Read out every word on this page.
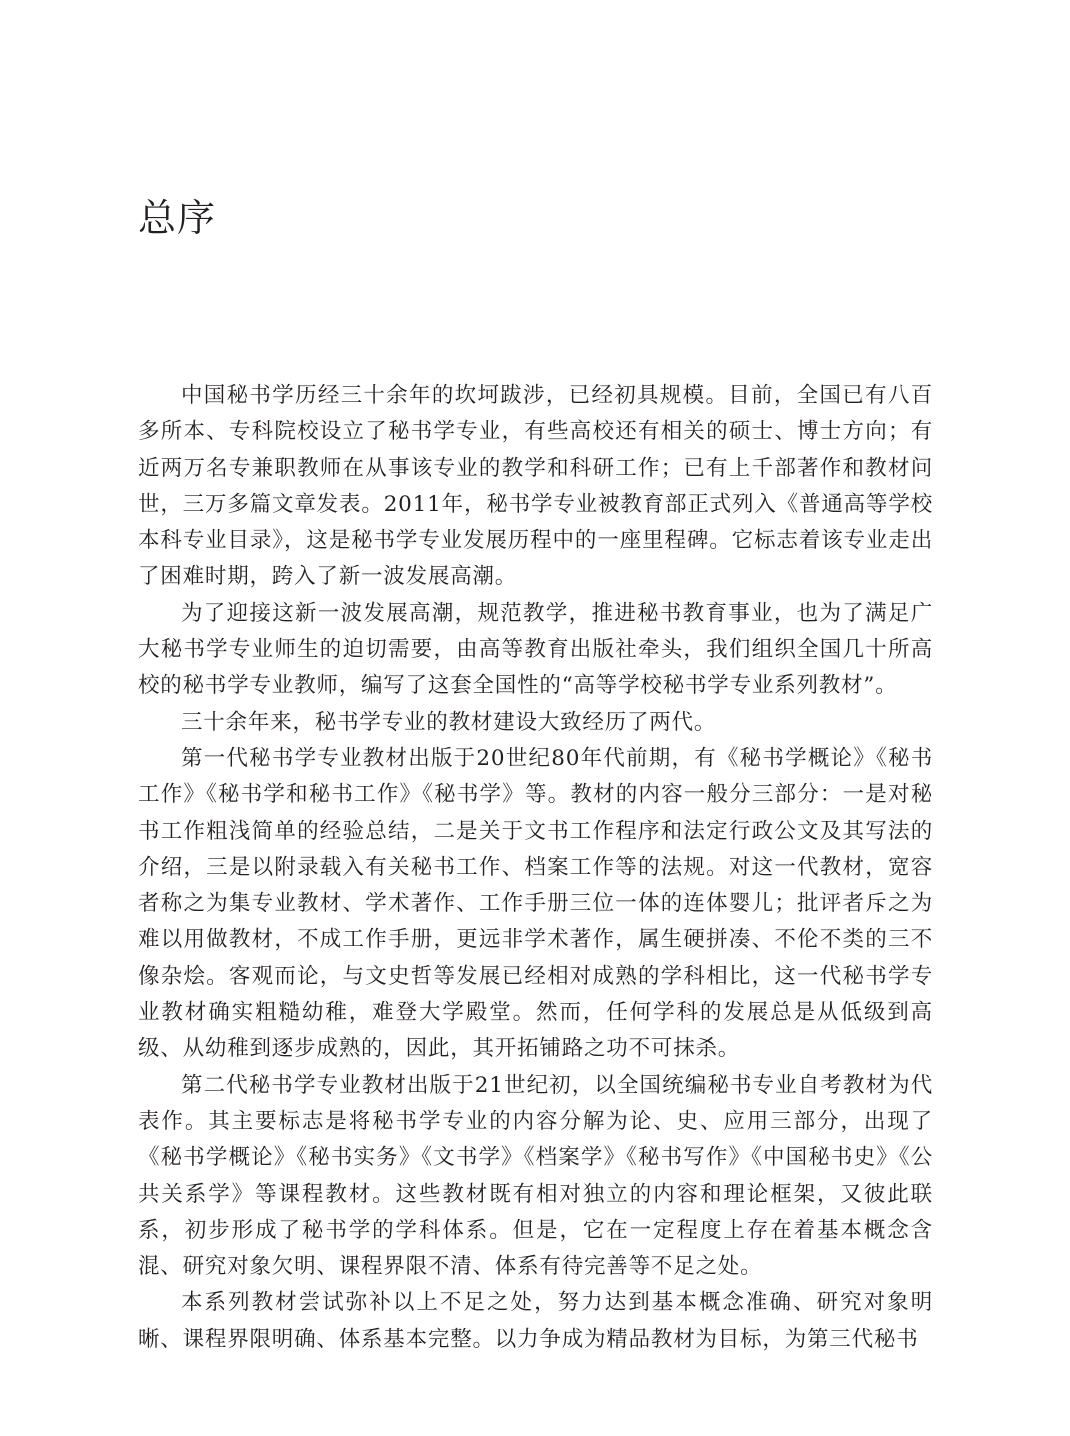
总序

中国秘书学历经三十余年的坎坷跋涉，已经初具规模。目前，全国已有八百多所本、专科院校设立了秘书学专业，有些高校还有相关的硕士、博士方向；有近两万名专兼职教师在从事该专业的教学和科研工作；已有上千部著作和教材问世，三万多篇文章发表。2011年，秘书学专业被教育部正式列入《普通高等学校本科专业目录》，这是秘书学专业发展历程中的一座里程碑。它标志着该专业走出了困难时期，跨入了新一波发展高潮。

为了迎接这新一波发展高潮，规范教学，推进秘书教育事业，也为了满足广大秘书学专业师生的迫切需要，由高等教育出版社牵头，我们组织全国几十所高校的秘书学专业教师，编写了这套全国性的“高等学校秘书学专业系列教材”。

三十余年来，秘书学专业的教材建设大致经历了两代。

第一代秘书学专业教材出版于20世纪80年代前期，有《秘书学概论》《秘书工作》《秘书学和秘书工作》《秘书学》等。教材的内容一般分三部分：一是对秘书工作粗浅简单的经验总结，二是关于文书工作程序和法定行政公文及其写法的介绍，三是以附录载入有关秘书工作、档案工作等的法规。对这一代教材，宽容者称之为集专业教材、学术著作、工作手册三位一体的连体婴儿；批评者斥之为难以用做教材，不成工作手册，更远非学术著作，属生硬拼凑、不伦不类的三不像杂烩。客观而论，与文史哲等发展已经相对成熟的学科相比，这一代秘书学专业教材确实粗糙幼稚，难登大学殿堂。然而，任何学科的发展总是从低级到高级、从幼稚到逐步成熟的，因此，其开拓铺路之功不可抹杀。

第二代秘书学专业教材出版于21世纪初，以全国统编秘书专业自考教材为代表作。其主要标志是将秘书学专业的内容分解为论、史、应用三部分，出现了《秘书学概论》《秘书实务》《文书学》《档案学》《秘书写作》《中国秘书史》《公共关系学》等课程教材。这些教材既有相对独立的内容和理论框架，又彼此联系，初步形成了秘书学的学科体系。但是，它在一定程度上存在着基本概念含混、研究对象欠明、课程界限不清、体系有待完善等不足之处。

本系列教材尝试弥补以上不足之处，努力达到基本概念准确、研究对象明晰、课程界限明确、体系基本完整。以力争成为精品教材为目标，为第三代秘书
